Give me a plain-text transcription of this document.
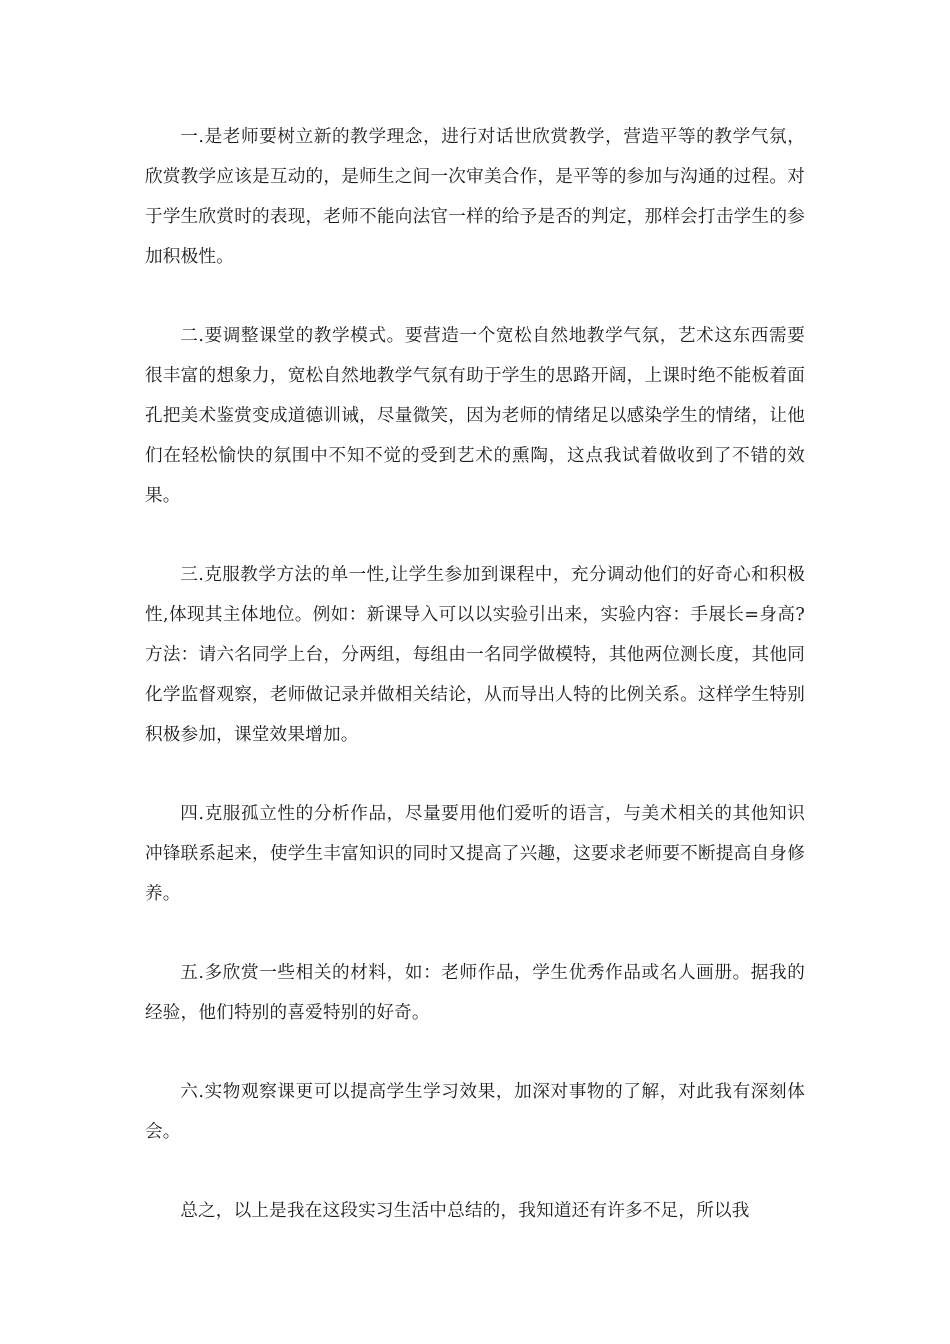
一.是老师要树立新的教学理念，进行对话世欣赏教学，营造平等的教学气氛，欣赏教学应该是互动的，是师生之间一次审美合作，是平等的参加与沟通的过程。对于学生欣赏时的表现，老师不能向法官一样的给予是否的判定，那样会打击学生的参加积极性。

二.要调整课堂的教学模式。要营造一个宽松自然地教学气氛，艺术这东西需要很丰富的想象力，宽松自然地教学气氛有助于学生的思路开阔，上课时绝不能板着面孔把美术鉴赏变成道德训诫，尽量微笑，因为老师的情绪足以感染学生的情绪，让他们在轻松愉快的氛围中不知不觉的受到艺术的熏陶，这点我试着做收到了不错的效果。

三.克服教学方法的单一性,让学生参加到课程中，充分调动他们的好奇心和积极性,体现其主体地位。例如：新课导入可以以实验引出来，实验内容：手展长=身高?方法：请六名同学上台，分两组，每组由一名同学做模特，其他两位测长度，其他同化学监督观察，老师做记录并做相关结论，从而导出人特的比例关系。这样学生特别积极参加，课堂效果增加。

四.克服孤立性的分析作品，尽量要用他们爱听的语言，与美术相关的其他知识冲锋联系起来，使学生丰富知识的同时又提高了兴趣，这要求老师要不断提高自身修养。

五.多欣赏一些相关的材料，如：老师作品，学生优秀作品或名人画册。据我的经验，他们特别的喜爱特别的好奇。

六.实物观察课更可以提高学生学习效果，加深对事物的了解，对此我有深刻体会。

总之，以上是我在这段实习生活中总结的，我知道还有许多不足，所以我
